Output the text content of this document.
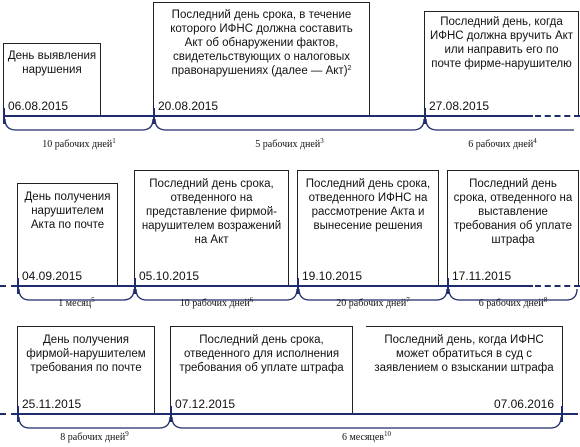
День выявления нарушения
06.08.2015
Последний день срока, в течение которого ИФНС должна составить Акт об обнаружении фактов, свидетельствующих о налоговых правонарушениях (далее — Акт)$^2$
20.08.2015
Последний день, когда ИФНС должна вручить Акт или направить его по почте фирме-нарушителю
27.08.2015
10 рабочих дней$^1$	5 рабочих дней$^3$	6 рабочих дней$^4$
День получения нарушителем Акта по почте
04.09.2015
Последний день срока, отведенного на представление фирмой-нарушителем возражений на Акт
05.10.2015
Последний день срока, отведенного ИФНС на рассмотрение Акта и вынесение решения
19.10.2015
Последний день срока, отведенного на выставление требования об уплате штрафа
17.11.2015
1 месяц$^5$	10 рабочих дней$^6$	20 рабочих дней$^7$	6 рабочих дней$^8$
День получения фирмой-нарушителем требования по почте
25.11.2015
Последний день срока, отведенного для исполнения требования об уплате штрафа
07.12.2015
Последний день, когда ИФНС может обратиться в суд с заявлением о взыскании штрафа
07.06.2016
8 рабочих дней$^9$	6 месяцев$^{10}$
